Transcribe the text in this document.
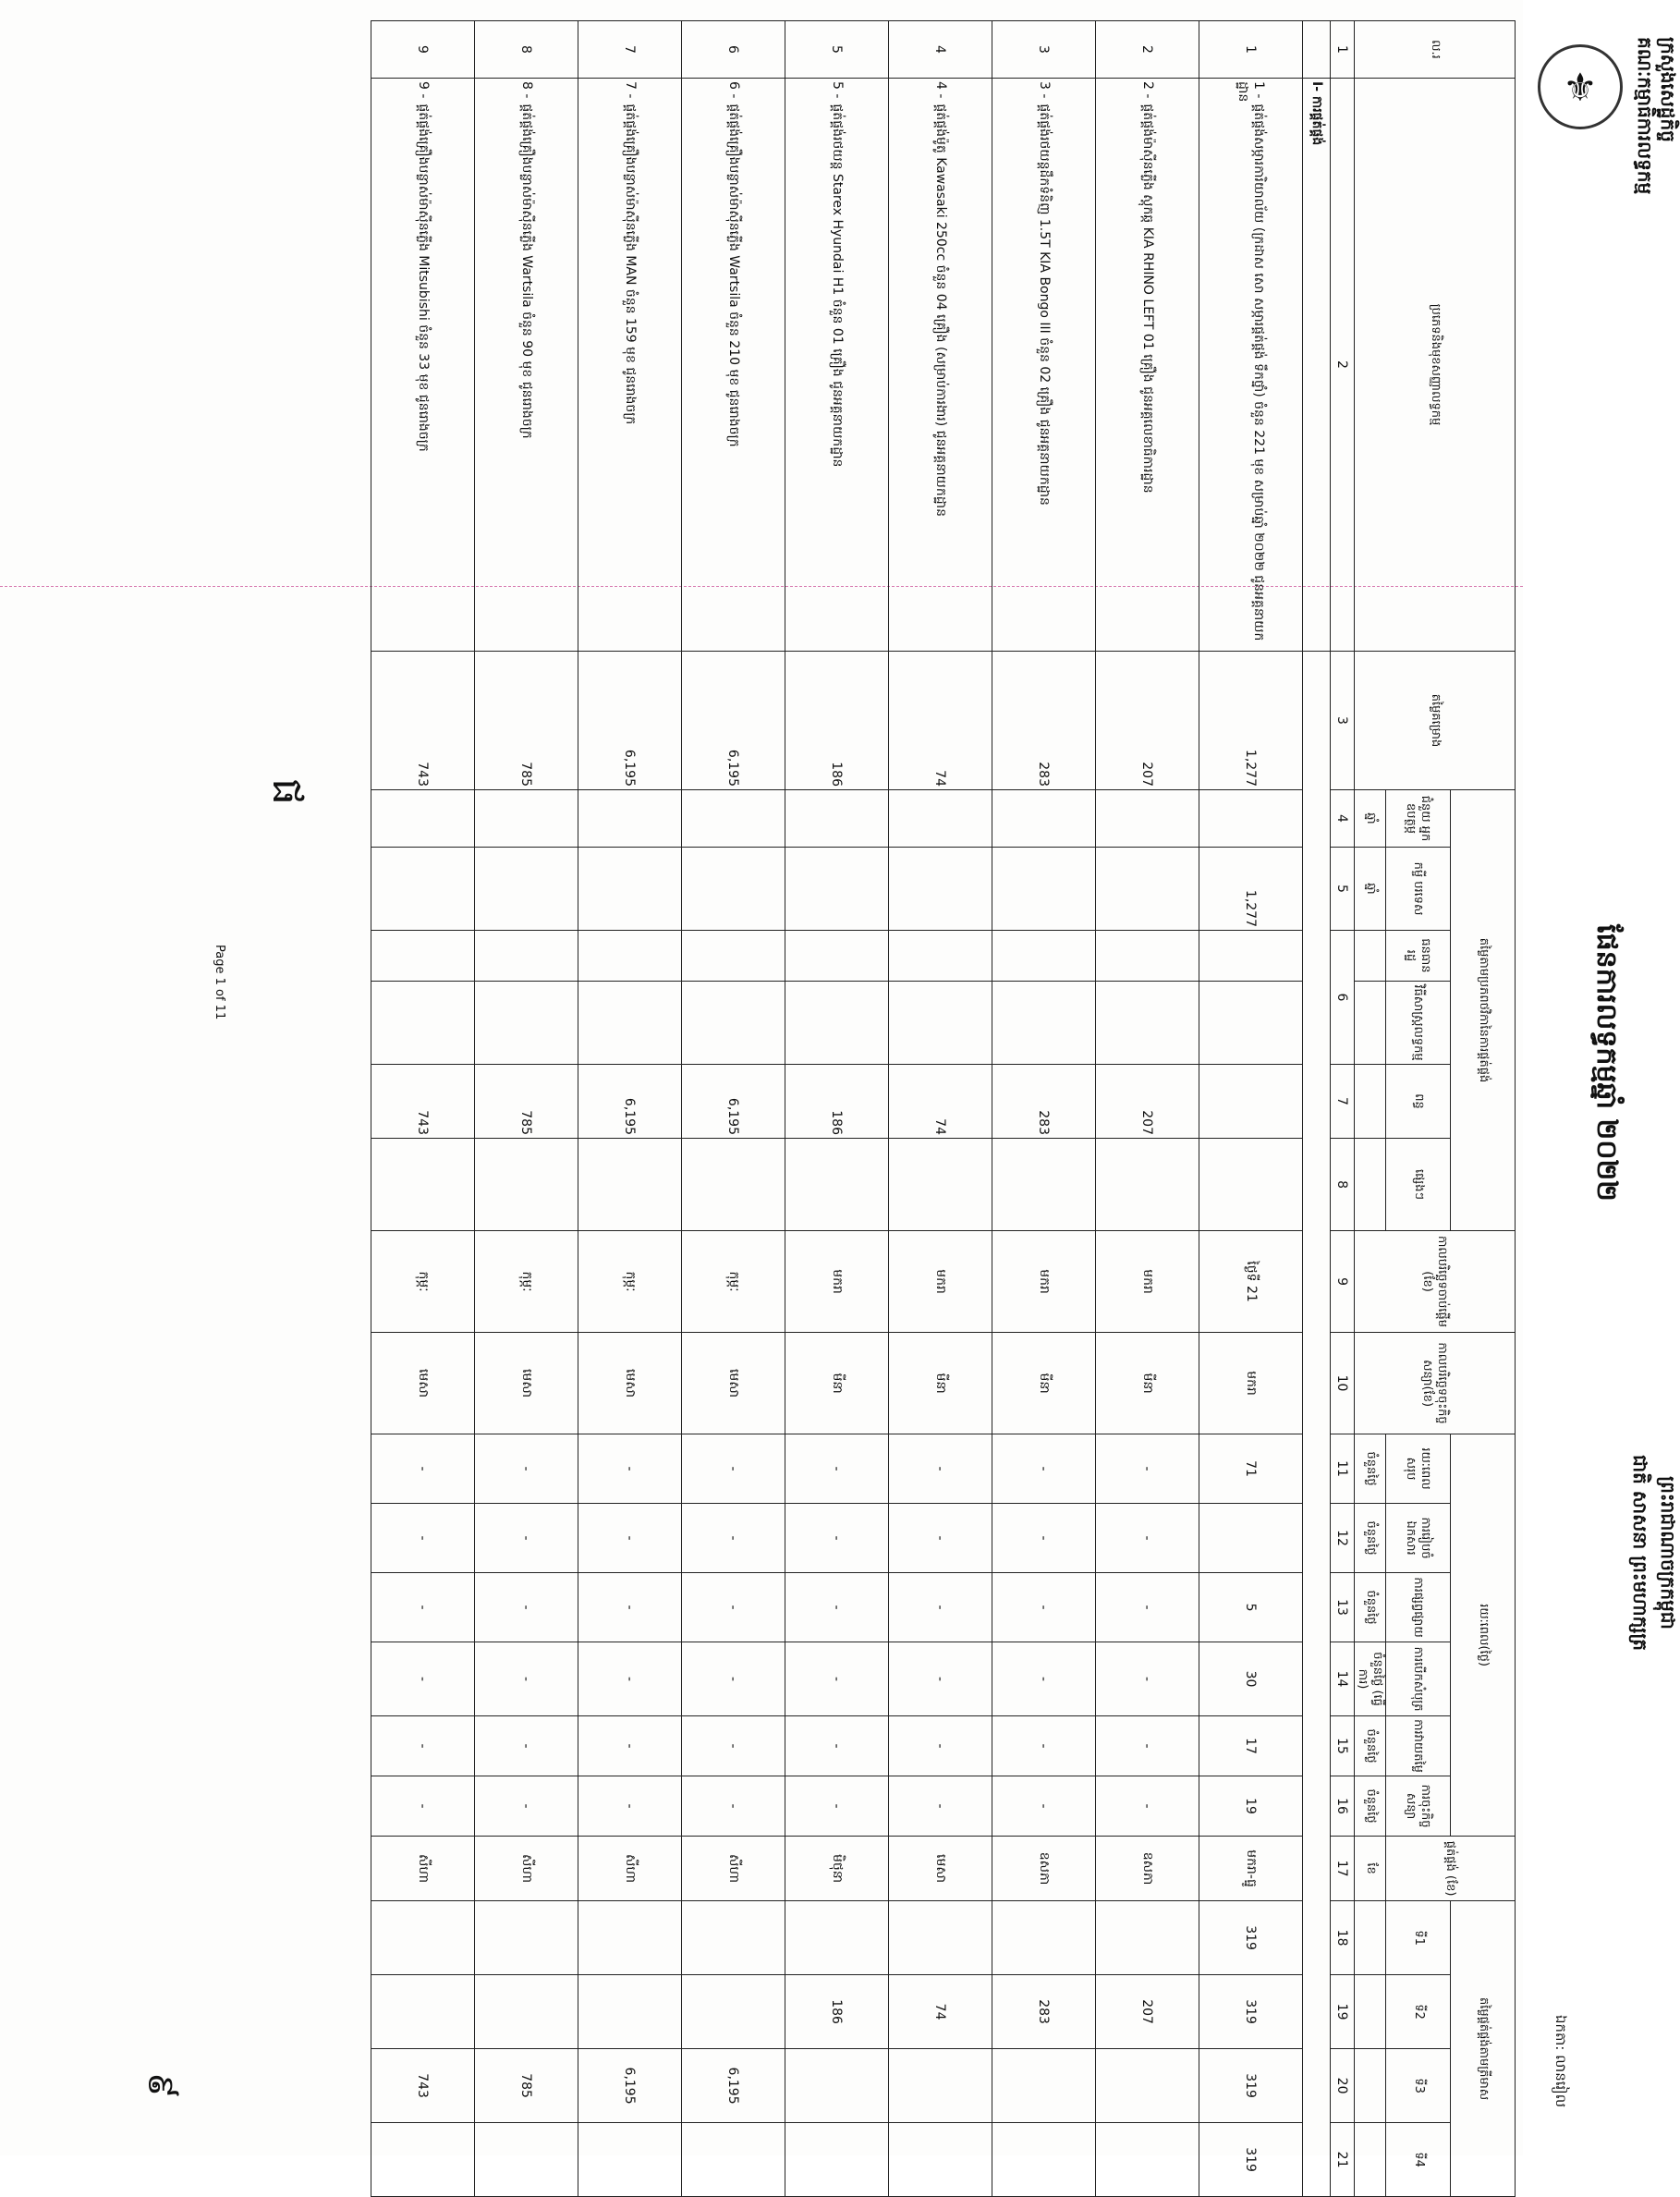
⚜	ក្រសួងសេដ្ឋកិច្ច
គណៈកម្មាធិការលទ្ធកម្ម
ព្រះរាជាណាចក្រកម្ពុជា
ជាតិ សាសនា ព្រះមហាក្សត្រ
ផែនការលទ្ធកម្មឆ្នាំ ២០២២
ឯកតា: លានរៀល
ល.រ	ប្រភេទនិងមុខសញ្ញាលទ្ធកម្ម	តម្លៃគម្រោង	តម្លៃតាមប្រភពថវិកានៃការផ្គត់ផ្គង់						កាលបរិច្ឆេទចាប់ផ្តើម (ខែ)	កាលបរិច្ឆេទចុះកិច្ចសន្យា(ខែ)	រយៈពេល(ថ្ងៃ)						ផ្គត់ផ្គង់ (ខែ)	តម្លៃផ្គត់ផ្គង់តាមត្រីមាស			
			ជំនួយ អ្នកឧបត្ថម្ភ	កម្ចី បរទេស	ធនធានរដ្ឋ	វិធីសាស្ត្រលទ្ធកម្ម	ពន្ធ	ផ្សេងៗ			រយៈពេលសរុប	ការរៀបចំឯកសារ	ការផ្សព្វផ្សាយ	ការបើកសំបុត្រ	ការវាយតម្លៃ	ការចុះកិច្ចសន្យា		ទី1	ទី2	ទី3	ទី4
			ឆ្នាំ	ឆ្នាំ							ចំនួនថ្ងៃ	ចំនួនថ្ងៃ	ចំនួនថ្ងៃ	ចំនួនថ្ងៃ (ធ្វើការ)	ចំនួនថ្ងៃ	ចំនួនថ្ងៃ	ខែ				
1	2	3	4	5	6		7	8	9	10	11	12	13	14	15	16	17	18	19	20	21
	I- ការផ្គត់ផ្គង់																				
1	1 -ផ្គត់ផ្គង់សម្ភារការិយាល័យ (ក្រដាស សោ សម្ភារផ្គត់ផ្គង់ ទឹកថ្នាំ) ចំនួន 221 មុខ សម្រាប់ឆ្នាំ ២០២២ ជូនអគ្គនាយកដ្ឋាន	1,277		1,277					ថ្ងៃទី 21	មករា	71		5	30	17	19	មករា-ធ្នូ	319	319	319	319
2	2 -ផ្គត់ផ្គង់ម៉ាស៊ីនភ្លើង ស្តុកឆ្ក KIA RHINO LEFT 01 គ្រឿង ជូនអគ្គលេខាធិការដ្ឋាន	207					207		មករា	មីនា	-	-	-	-	-	-	ឧសភា		207		
3	3 -ផ្គត់ផ្គង់រថយន្តដឹកទំនិញ 1.5T KIA Bongo III ចំនួន 02 គ្រឿង ជូនអគ្គនាយកដ្ឋាន	283					283		មករា	មីនា	-	-	-	-	-	-	ឧសភា		283		
4	4 -ផ្គត់ផ្គង់ម៉ូតូ Kawasaki 250cc ចំនួន 04 គ្រឿង (សម្រាប់ការងារ) ជូនអគ្គនាយកដ្ឋាន	74					74		មករា	មីនា	-	-	-	-	-	-	មេសា		74		
5	5 -ផ្គត់ផ្គង់រថយន្ត Starex Hyundai H1 ចំនួន 01 គ្រឿង ជូនអគ្គនាយកដ្ឋាន	186					186		មករា	មីនា	-	-	-	-	-	-	មិថុនា		186		
6	6 -ផ្គត់ផ្គង់គ្រឿងបន្លាស់ម៉ាស៊ីនភ្លើង Wartsila ចំនួន 210 មុខ ជូនរោងចក្រ	6,195					6,195		កុម្ភៈ	មេសា	-	-	-	-	-	-	សីហា			6,195	
7	7 -ផ្គត់ផ្គង់គ្រឿងបន្លាស់ម៉ាស៊ីនភ្លើង MAN ចំនួន 159 មុខ ជូនរោងចក្រ	6,195					6,195		កុម្ភៈ	មេសា	-	-	-	-	-	-	សីហា			6,195	
8	8 -ផ្គត់ផ្គង់គ្រឿងបន្លាស់ម៉ាស៊ីនភ្លើង Wartsila ចំនួន 90 មុខ ជូនរោងចក្រ	785					785		កុម្ភៈ	មេសា	-	-	-	-	-	-	សីហា			785	
9	9 -ផ្គត់ផ្គង់គ្រឿងបន្លាស់ម៉ាស៊ីនភ្លើង Mitsubishi ចំនួន 33 មុខ ជូនរោងចក្រ	743					743		កុម្ភៈ	មេសា	-	-	-	-	-	-	សីហា			743	
Page 1 of 11
ផ
៩
